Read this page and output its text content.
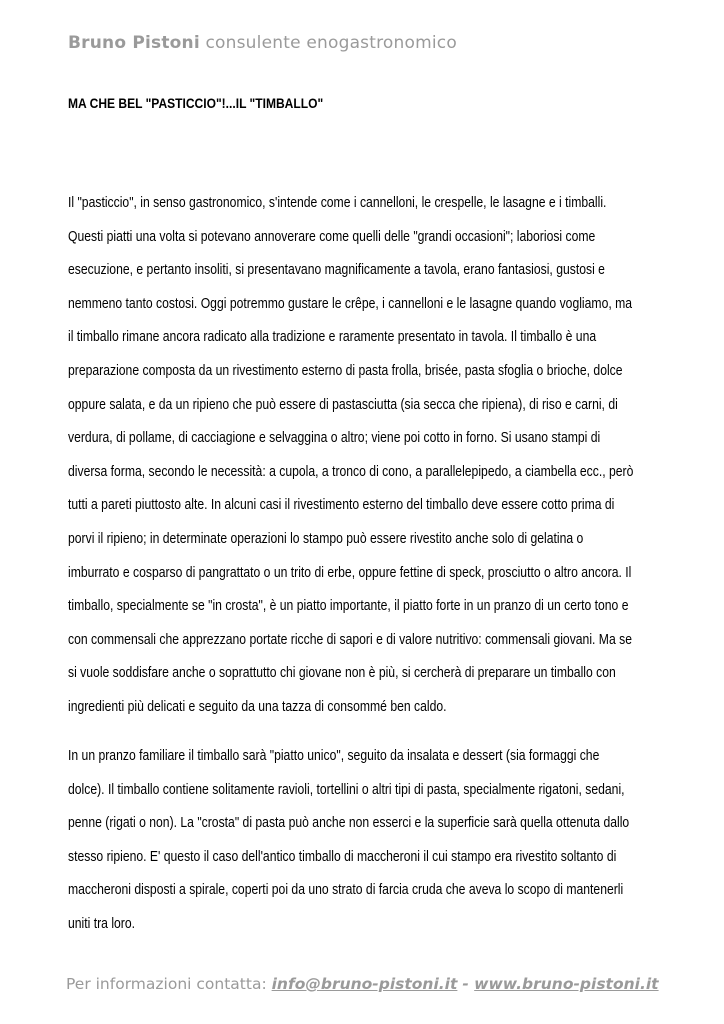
Bruno Pistoni consulente enogastronomico
MA CHE BEL "PASTICCIO"!...IL "TIMBALLO"
Il "pasticcio", in senso gastronomico, s'intende come i cannelloni, le crespelle, le lasagne e i timballi.
Questi piatti una volta si potevano annoverare come quelli delle "grandi occasioni"; laboriosi come
esecuzione, e pertanto insoliti, si presentavano magnificamente a tavola, erano fantasiosi, gustosi e
nemmeno tanto costosi. Oggi potremmo gustare le crêpe, i cannelloni e le lasagne quando vogliamo, ma
il timballo rimane ancora radicato alla tradizione e raramente presentato in tavola. Il timballo è una
preparazione composta da un rivestimento esterno di pasta frolla, brisée, pasta sfoglia o brioche, dolce
oppure salata, e da un ripieno che può essere di pastasciutta (sia secca che ripiena), di riso e carni, di
verdura, di pollame, di cacciagione e selvaggina o altro; viene poi cotto in forno. Si usano stampi di
diversa forma, secondo le necessità: a cupola, a tronco di cono, a parallelepipedo, a ciambella ecc., però
tutti a pareti piuttosto alte. In alcuni casi il rivestimento esterno del timballo deve essere cotto prima di
porvi il ripieno; in determinate operazioni lo stampo può essere rivestito anche solo di gelatina o
imburrato e cosparso di pangrattato o un trito di erbe, oppure fettine di speck, prosciutto o altro ancora. Il
timballo, specialmente se "in crosta", è un piatto importante, il piatto forte in un pranzo di un certo tono e
con commensali che apprezzano portate ricche di sapori e di valore nutritivo: commensali giovani. Ma se
si vuole soddisfare anche o soprattutto chi giovane non è più, si cercherà di preparare un timballo con
ingredienti più delicati e seguito da una tazza di consommé ben caldo.
In un pranzo familiare il timballo sarà "piatto unico", seguito da insalata e dessert (sia formaggi che
dolce). Il timballo contiene solitamente ravioli, tortellini o altri tipi di pasta, specialmente rigatoni, sedani,
penne (rigati o non). La "crosta" di pasta può anche non esserci e la superficie sarà quella ottenuta dallo
stesso ripieno. E' questo il caso dell'antico timballo di maccheroni il cui stampo era rivestito soltanto di
maccheroni disposti a spirale, coperti poi da uno strato di farcia cruda che aveva lo scopo di mantenerli
uniti tra loro.
Per informazioni contatta: info@bruno-pistoni.it - www.bruno-pistoni.it
